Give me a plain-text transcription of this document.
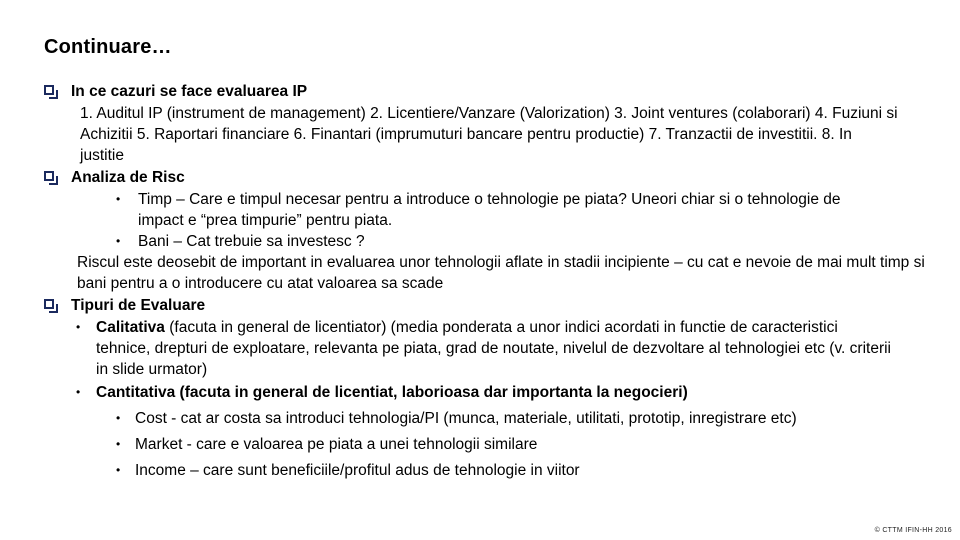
Continuare…
In ce cazuri se face evaluarea IP
1. Auditul IP (instrument de management) 2. Licentiere/Vanzare (Valorization) 3. Joint ventures (colaborari) 4. Fuziuni si Achizitii 5. Raportari financiare 6. Finantari (imprumuturi bancare pentru productie) 7. Tranzactii de investitii. 8. In justitie
Analiza de Risc
• Timp – Care e timpul necesar pentru a introduce o tehnologie pe piata? Uneori chiar si o tehnologie de impact e “prea timpurie” pentru piata.
• Bani – Cat trebuie sa investesc ?
Riscul este deosebit de important in evaluarea unor tehnologii aflate in stadii incipiente – cu cat e nevoie de mai mult timp si bani pentru a o introducere cu atat valoarea sa scade
Tipuri de Evaluare
• Calitativa (facuta in general de licentiator) (media ponderata a unor indici acordati in functie de caracteristici tehnice, drepturi de exploatare, relevanta pe piata, grad de noutate, nivelul de dezvoltare al tehnologiei etc (v. criterii in slide urmator)
• Cantitativa (facuta in general de licentiat, laborioasa dar importanta la negocieri)
• Cost - cat ar costa sa introduci tehnologia/PI (munca, materiale, utilitati, prototip, inregistrare etc)
• Market - care e valoarea pe piata a unei tehnologii similare
• Income – care sunt beneficiile/profitul adus de tehnologie in viitor
© CTTM IFIN-HH 2016
